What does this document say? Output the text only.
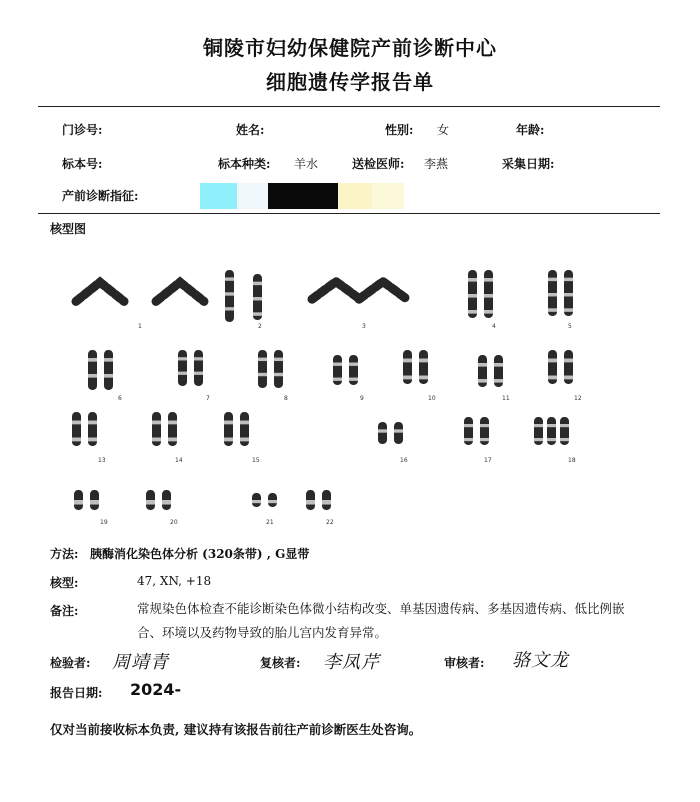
铜陵市妇幼保健院产前诊断中心
细胞遗传学报告单
门诊号:	姓名:	性别: 女	年龄:
标本号:	标本种类: 羊水	送检医师: 李燕	采集日期:
产前诊断指征:
核型图
1	2	3	4	5
6	7	8	9	10	11	12
13	14	15	16	17	18
19	20	21	22
方法: 胰酶消化染色体分析 (320条带) , G显带
核型:	47, XN, +18
备注:	常规染色体检查不能诊断染色体微小结构改变、单基因遗传病、多基因遗传病、低比例嵌合、环境以及药物导致的胎儿宫内发育异常。
检验者: 周靖青	复核者: 李凤芹	审核者: 骆文龙
报告日期: 2024-
仅对当前接收标本负责, 建议持有该报告前往产前诊断医生处咨询。
